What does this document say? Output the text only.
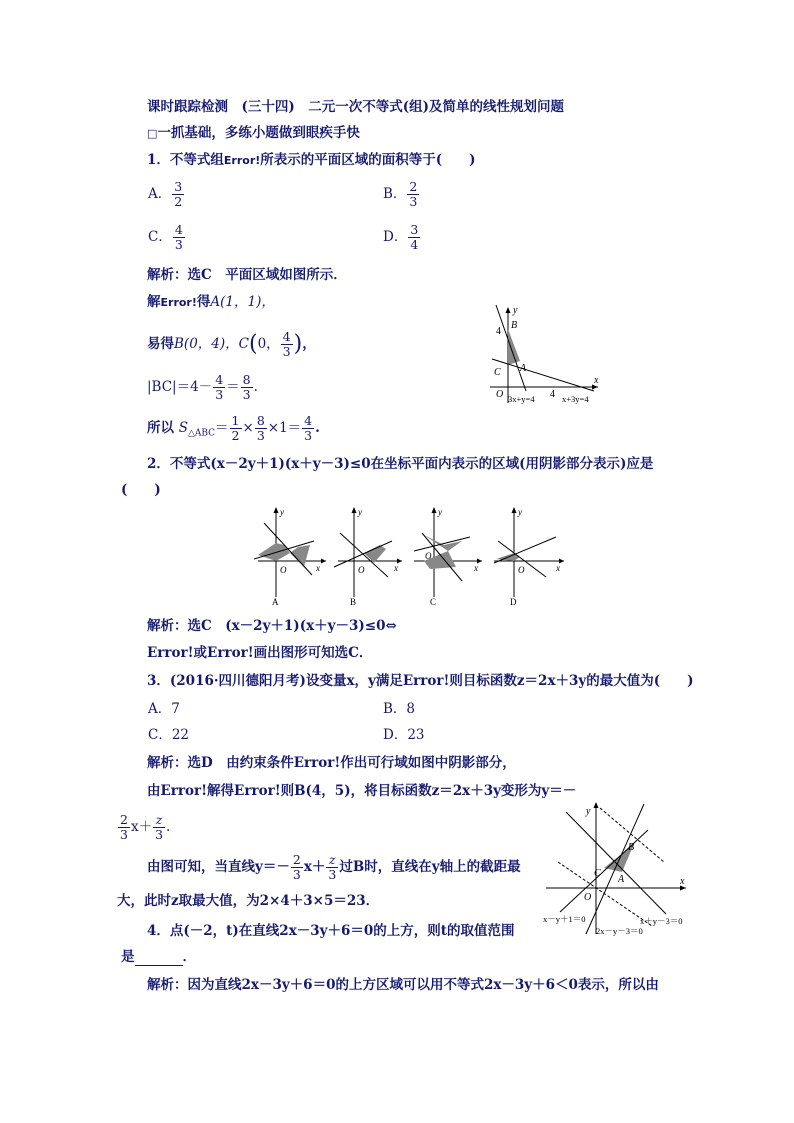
课时跟踪检测　(三十四)　二元一次不等式(组)及简单的线性规划问题
□一抓基础，多练小题做到眼疾手快
1．不等式组Error!所表示的平面区域的面积等于(　　)
A． $\frac{3}{2}$	B． $\frac{2}{3}$
C． $\frac{4}{3}$	D． $\frac{3}{4}$
解析：选C　平面区域如图所示．
解Error!得A(1，1)，
易得B(0，4)，C(0， $\frac{4}{3}$ )，
$|BC|=4- \frac{4}{3} = \frac{8}{3}$ .
所以 $S_{\triangle ABC}= \frac{1}{2} \times \frac{8}{3} \times 1= \frac{4}{3}$ .
y
x
4
B
A
C
O	4
3x+y=4	x+3y=4
2．不等式(x－2y＋1)(x＋y－3)≤0在坐标平面内表示的区域(用阴影部分表示)应是
(　　)
y
x
O
A
y
x
O
B
y
x
O
C
y
x
O
D
解析：选C　(x－2y＋1)(x＋y－3)≤0⇔
Error!或Error!画出图形可知选C．
3．(2016·四川德阳月考)设变量x，y满足Error!则目标函数z＝2x＋3y的最大值为(　　)
A．7	B．8
C．22	D．23
解析：选D　由约束条件Error!作出可行域如图中阴影部分，
由Error!解得Error!则B(4，5)，将目标函数z＝2x＋3y变形为y＝－
$\frac{2}{3} x+ \frac{z}{3}$ .
由图可知，当直线$y=- \frac{2}{3} x+ \frac{z}{3}$ 过B时，直线在y轴上的截距最
大，此时z取最大值，为2×4＋3×5＝23．
y
x
B
C
A
O
x－y＋1＝0
2x－y－3＝0
x＋y－3＝0
4．点(－2，t)在直线2x－3y＋6＝0的上方，则t的取值范围
是	．
解析：因为直线2x－3y＋6＝0的上方区域可以用不等式2x－3y＋6＜0表示，所以由
